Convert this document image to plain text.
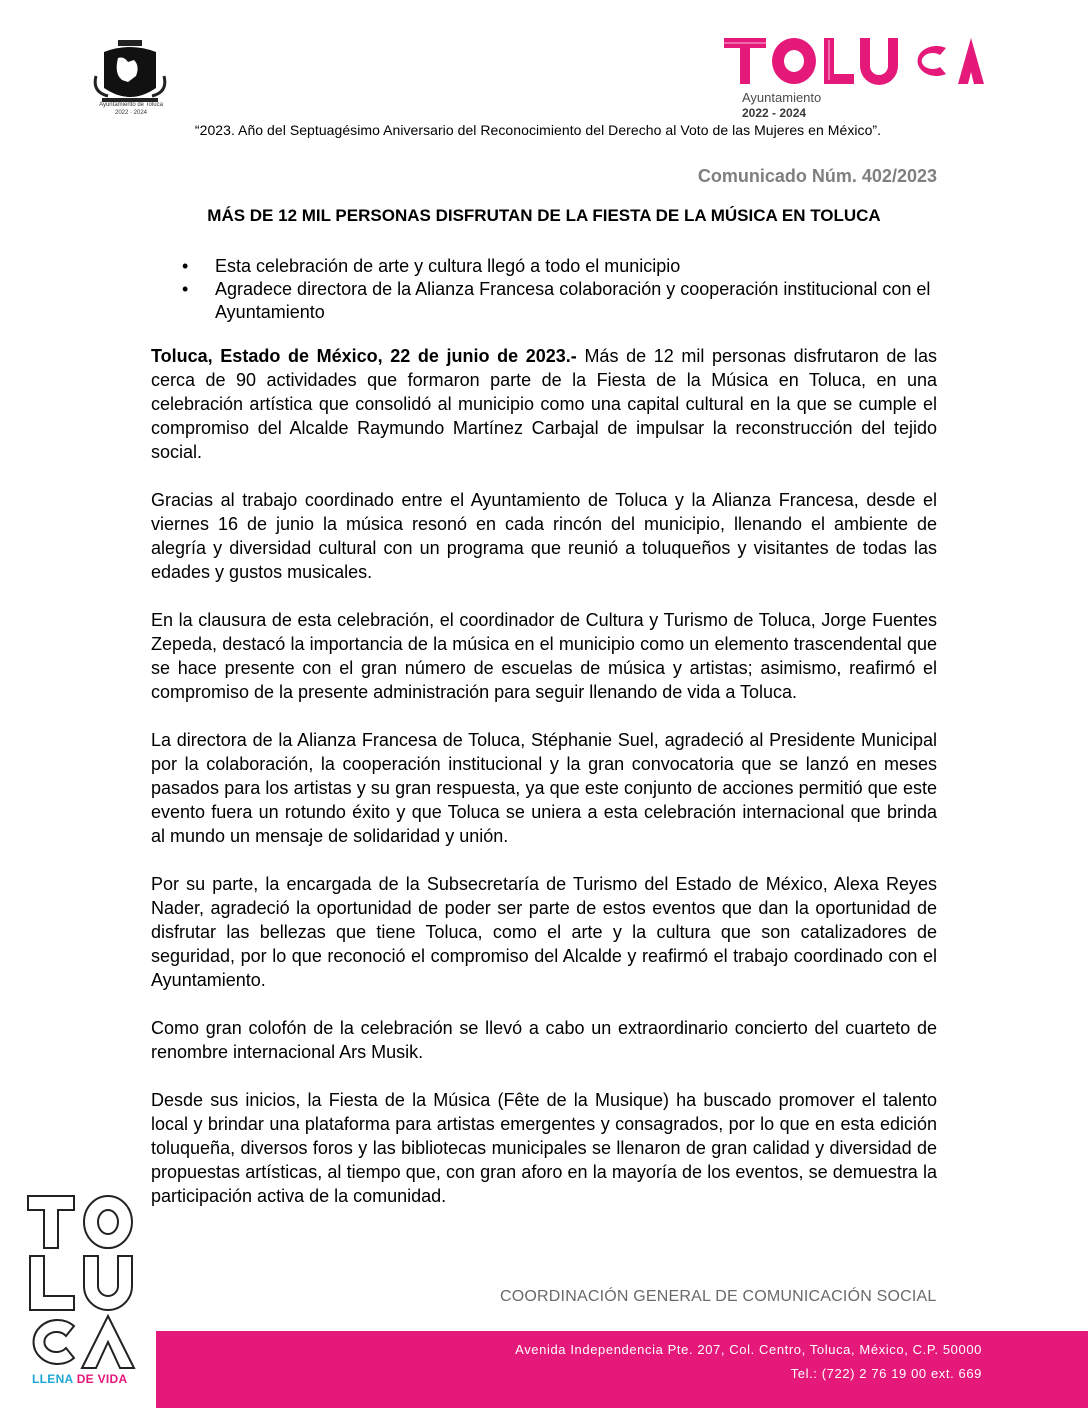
Ayuntamiento de Toluca
2022 · 2024
Ayuntamiento
2022 - 2024
“2023. Año del Septuagésimo Aniversario del Reconocimiento del Derecho al Voto de las Mujeres en México”.
Comunicado Núm. 402/2023
MÁS DE 12 MIL PERSONAS DISFRUTAN DE LA FIESTA DE LA MÚSICA EN TOLUCA
• Esta celebración de arte y cultura llegó a todo el municipio
• Agradece directora de la Alianza Francesa colaboración y cooperación institucional con el Ayuntamiento

Toluca, Estado de México, 22 de junio de 2023.- Más de 12 mil personas disfrutaron de las cerca de 90 actividades que formaron parte de la Fiesta de la Música en Toluca, en una celebración artística que consolidó al municipio como una capital cultural en la que se cumple el compromiso del Alcalde Raymundo Martínez Carbajal de impulsar la reconstrucción del tejido social.

Gracias al trabajo coordinado entre el Ayuntamiento de Toluca y la Alianza Francesa, desde el viernes 16 de junio la música resonó en cada rincón del municipio, llenando el ambiente de alegría y diversidad cultural con un programa que reunió a toluqueños y visitantes de todas las edades y gustos musicales.

En la clausura de esta celebración, el coordinador de Cultura y Turismo de Toluca, Jorge Fuentes Zepeda, destacó la importancia de la música en el municipio como un elemento trascendental que se hace presente con el gran número de escuelas de música y artistas; asimismo, reafirmó el compromiso de la presente administración para seguir llenando de vida a Toluca.

La directora de la Alianza Francesa de Toluca, Stéphanie Suel, agradeció al Presidente Municipal por la colaboración, la cooperación institucional y la gran convocatoria que se lanzó en meses pasados para los artistas y su gran respuesta, ya que este conjunto de acciones permitió que este evento fuera un rotundo éxito y que Toluca se uniera a esta celebración internacional que brinda al mundo un mensaje de solidaridad y unión.

Por su parte, la encargada de la Subsecretaría de Turismo del Estado de México, Alexa Reyes Nader, agradeció la oportunidad de poder ser parte de estos eventos que dan la oportunidad de disfrutar las bellezas que tiene Toluca, como el arte y la cultura que son catalizadores de seguridad, por lo que reconoció el compromiso del Alcalde y reafirmó el trabajo coordinado con el Ayuntamiento.

Como gran colofón de la celebración se llevó a cabo un extraordinario concierto del cuarteto de renombre internacional Ars Musik.

Desde sus inicios, la Fiesta de la Música (Fête de la Musique) ha buscado promover el talento local y brindar una plataforma para artistas emergentes y consagrados, por lo que en esta edición toluqueña, diversos foros y las bibliotecas municipales se llenaron de gran calidad y diversidad de propuestas artísticas, al tiempo que, con gran aforo en la mayoría de los eventos, se demuestra la participación activa de la comunidad.

LLENA DE VIDA
COORDINACIÓN GENERAL DE COMUNICACIÓN SOCIAL
Avenida Independencia Pte. 207, Col. Centro, Toluca, México, C.P. 50000
Tel.: (722) 2 76 19 00 ext. 669
